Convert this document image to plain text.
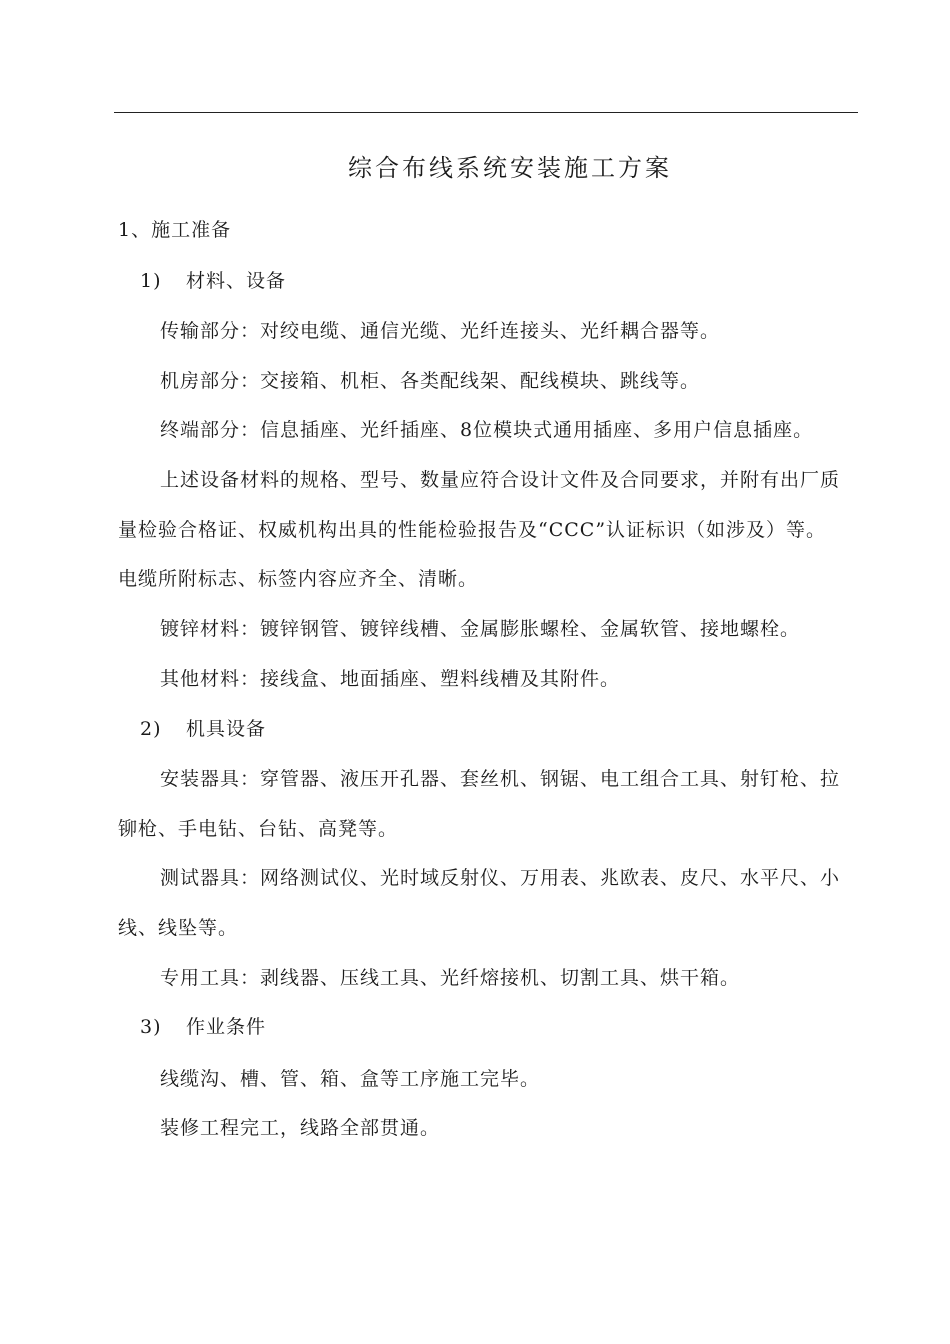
综合布线系统安装施工方案
1、施工准备
1) 材料、设备
传输部分：对绞电缆、通信光缆、光纤连接头、光纤耦合器等。
机房部分：交接箱、机柜、各类配线架、配线模块、跳线等。
终端部分：信息插座、光纤插座、8位模块式通用插座、多用户信息插座。
上述设备材料的规格、型号、数量应符合设计文件及合同要求，并附有出厂质
量检验合格证、权威机构出具的性能检验报告及“CCC”认证标识（如涉及）等。
电缆所附标志、标签内容应齐全、清晰。
镀锌材料：镀锌钢管、镀锌线槽、金属膨胀螺栓、金属软管、接地螺栓。
其他材料：接线盒、地面插座、塑料线槽及其附件。
2) 机具设备
安装器具：穿管器、液压开孔器、套丝机、钢锯、电工组合工具、射钉枪、拉
铆枪、手电钻、台钻、高凳等。
测试器具：网络测试仪、光时域反射仪、万用表、兆欧表、皮尺、水平尺、小
线、线坠等。
专用工具：剥线器、压线工具、光纤熔接机、切割工具、烘干箱。
3) 作业条件
线缆沟、槽、管、箱、盒等工序施工完毕。
装修工程完工，线路全部贯通。
